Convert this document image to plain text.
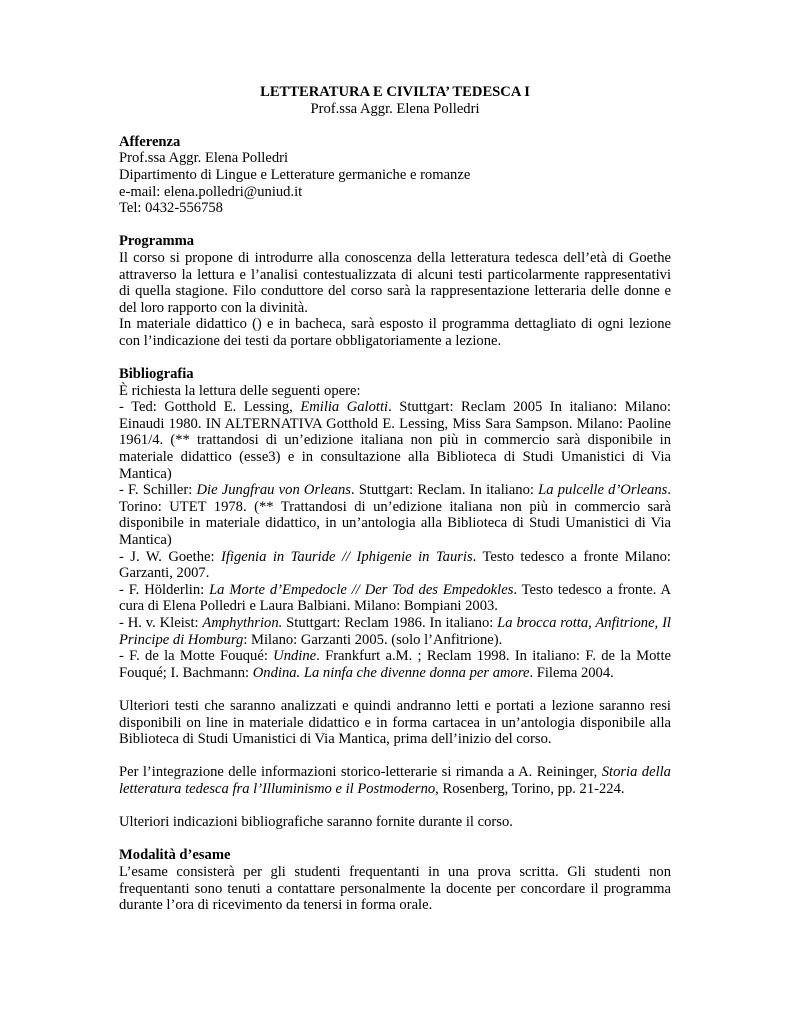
LETTERATURA E CIVILTA’ TEDESCA I
Prof.ssa Aggr. Elena Polledri
Afferenza
Prof.ssa Aggr. Elena Polledri
Dipartimento di Lingue e Letterature germaniche e romanze
e-mail: elena.polledri@uniud.it
Tel: 0432-556758
Programma
Il corso si propone di introdurre alla conoscenza della letteratura tedesca dell’età di Goethe attraverso la lettura e l’analisi contestualizzata di alcuni testi particolarmente rappresentativi di quella stagione. Filo conduttore del corso sarà la rappresentazione letteraria delle donne e del loro rapporto con la divinità.
In materiale didattico () e in bacheca, sarà esposto il programma dettagliato di ogni lezione con l’indicazione dei testi da portare obbligatoriamente a lezione.
Bibliografia
È richiesta la lettura delle seguenti opere:
- Ted: Gotthold E. Lessing, Emilia Galotti. Stuttgart: Reclam 2005 In italiano: Milano: Einaudi 1980. IN ALTERNATIVA Gotthold E. Lessing, Miss Sara Sampson. Milano: Paoline 1961/4. (** trattandosi di un’edizione italiana non più in commercio sarà disponibile in materiale didattico (esse3) e in consultazione alla Biblioteca di Studi Umanistici di Via Mantica)
- F. Schiller: Die Jungfrau von Orleans. Stuttgart: Reclam. In italiano: La pulcelle d’Orleans. Torino: UTET 1978. (** Trattandosi di un’edizione italiana non più in commercio sarà disponibile in materiale didattico, in un’antologia alla Biblioteca di Studi Umanistici di Via Mantica)
- J. W. Goethe: Ifigenia in Tauride // Iphigenie in Tauris. Testo tedesco a fronte Milano: Garzanti, 2007.
- F. Hölderlin: La Morte d’Empedocle // Der Tod des Empedokles. Testo tedesco a fronte. A cura di Elena Polledri e Laura Balbiani. Milano: Bompiani 2003.
- H. v. Kleist: Amphythrion. Stuttgart: Reclam 1986. In italiano: La brocca rotta, Anfitrione, Il Principe di Homburg: Milano: Garzanti 2005. (solo l’Anfitrione).
- F. de la Motte Fouqué: Undine. Frankfurt a.M. ; Reclam 1998. In italiano: F. de la Motte Fouqué; I. Bachmann: Ondina. La ninfa che divenne donna per amore. Filema 2004.
Ulteriori testi che saranno analizzati e quindi andranno letti e portati a lezione saranno resi disponibili on line in materiale didattico e in forma cartacea in un’antologia disponibile alla Biblioteca di Studi Umanistici di Via Mantica, prima dell’inizio del corso.
Per l’integrazione delle informazioni storico-letterarie si rimanda a A. Reininger, Storia della letteratura tedesca fra l’Illuminismo e il Postmoderno, Rosenberg, Torino, pp. 21-224.
Ulteriori indicazioni bibliografiche saranno fornite durante il corso.
Modalità d’esame
L’esame consisterà per gli studenti frequentanti in una prova scritta. Gli studenti non frequentanti sono tenuti a contattare personalmente la docente per concordare il programma durante l’ora di ricevimento da tenersi in forma orale.
